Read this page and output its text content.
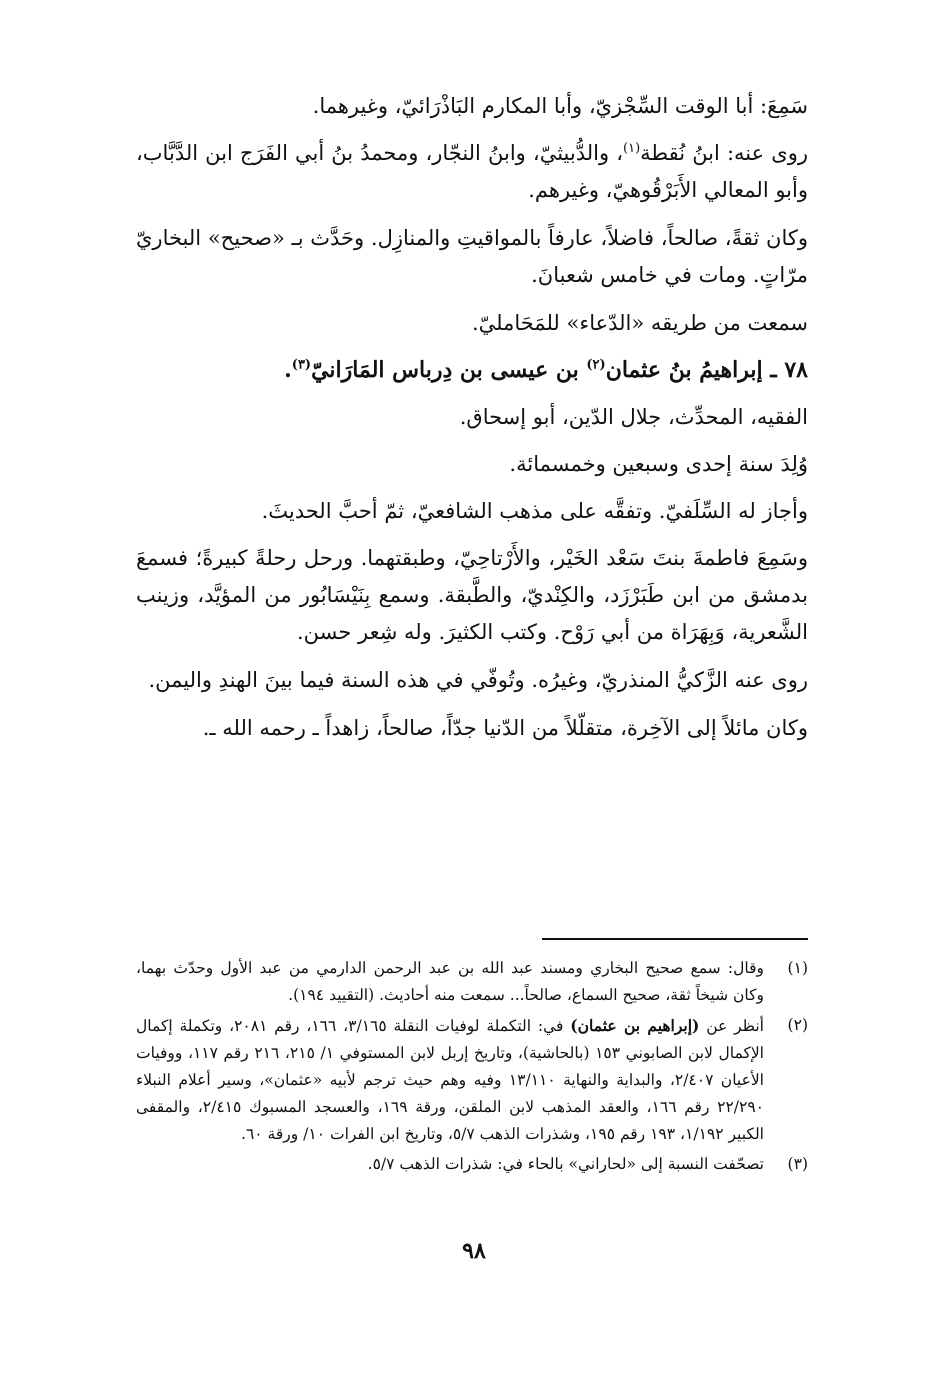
سَمِعَ: أبا الوقت السِّجْزيّ، وأبا المكارم البَاذْرَائيّ، وغيرهما.

روى عنه: ابنُ نُقطة$^{(١)}$، والدُّبيثيّ، وابنُ النجّار، ومحمدُ بنُ أبي الفَرَج ابن الدَّبَّاب، وأبو المعالي الأَبَرْقُوهيّ، وغيرهم.

وكان ثقةً، صالحاً، فاضلاً، عارفاً بالمواقيتِ والمنازِل. وحَدَّث بـ «صحيح» البخاريّ مرّاتٍ. ومات في خامس شعبانَ.

سمعت من طريقه «الدّعاء» للمَحَامليّ.

٧٨ ـ إبراهيمُ بنُ عثمان$^{(٢)}$ بن عيسى بن دِرباس المَارَانيّ$^{(٣)}$.

الفقيه، المحدِّث، جلال الدّين، أبو إسحاق.

وُلِدَ سنة إحدى وسبعين وخمسمائة.

وأجاز له السِّلَفيّ. وتفقَّه على مذهب الشافعيّ، ثمّ أحبَّ الحديثَ.

وسَمِعَ فاطمةَ بنتَ سَعْد الخَيْر، والأَرْتاحِيّ، وطبقتهما. ورحل رحلةً كبيرةً؛ فسمعَ بدمشق من ابن طَبَرْزَد، والكِنْديّ، والطَّبقة. وسمع بِنَيْسَابُور من المؤيَّد، وزينب الشَّعرية، وَبِهَرَاة من أبي رَوْح. وكتب الكثيرَ. وله شِعر حسن.

روى عنه الزَّكيُّ المنذريّ، وغيرُه. وتُوفّي في هذه السنة فيما بينَ الهندِ واليمن.

وكان مائلاً إلى الآخِرة، متقلّلاً من الدّنيا جدّاً، صالحاً، زاهداً ـ رحمه الله ـ.

(١)
وقال: سمع صحيح البخاري ومسند عبد الله بن عبد الرحمن الدارمي من عبد الأول وحدّث بهما، وكان شيخاً ثقة، صحيح السماع، صالحاً... سمعت منه أحاديث. (التقييد ١٩٤).
(٢)
أنظر عن (إبراهيم بن عثمان) في: التكملة لوفيات النقلة ٣/١٦٥، ١٦٦، رقم ٢٠٨١، وتكملة إكمال الإكمال لابن الصابوني ١٥٣ (بالحاشية)، وتاريخ إربل لابن المستوفي ١/ ٢١٥، ٢١٦ رقم ١١٧، ووفيات الأعيان ٢/٤٠٧، والبداية والنهاية ١٣/١١٠ وفيه وهم حيث ترجم لأبيه «عثمان»، وسير أعلام النبلاء ٢٢/٢٩٠ رقم ١٦٦، والعقد المذهب لابن الملقن، ورقة ١٦٩، والعسجد المسبوك ٢/٤١٥، والمقفى الكبير ١/١٩٢، ١٩٣ رقم ١٩٥، وشذرات الذهب ٥/٧، وتاريخ ابن الفرات ١٠/ ورقة ٦٠.
(٣)
تصحّفت النسبة إلى «لحاراني» بالحاء في: شذرات الذهب ٥/٧.
٩٨
